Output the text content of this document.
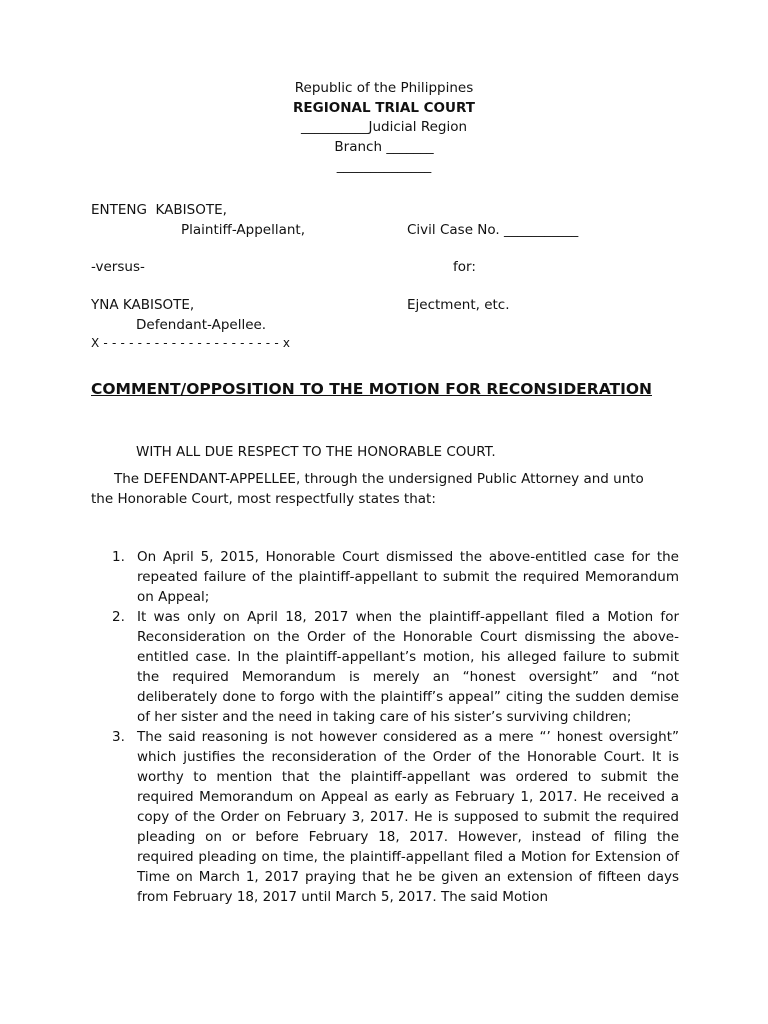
Republic of the Philippines
REGIONAL TRIAL COURT
__________Judicial Region
Branch _______
______________
ENTENG  KABISOTE,
Plaintiff-Appellant,	Civil Case No. ___________
-versus-	for:
YNA KABISOTE,	Ejectment, etc.
Defendant-Apellee.
X - - - - - - - - - - - - - - - - - - - - - x
COMMENT/OPPOSITION TO THE MOTION FOR RECONSIDERATION
WITH ALL DUE RESPECT TO THE HONORABLE COURT.
The DEFENDANT-APPELLEE, through the undersigned Public Attorney and unto
the Honorable Court, most respectfully states that:
1. On April 5, 2015, Honorable Court dismissed the above-entitled case for the repeated failure of the plaintiff-appellant to submit the required Memorandum on Appeal;

2. It was only on April 18, 2017 when the plaintiff-appellant filed a Motion for Reconsideration on the Order of the Honorable Court dismissing the above-entitled case. In the plaintiff-appellant’s motion, his alleged failure to submit the required Memorandum is merely an “honest oversight” and “not deliberately done to forgo with the plaintiff’s appeal” citing the sudden demise of her sister and the need in taking care of his sister’s surviving children;

3. The said reasoning is not however considered as a mere “’ honest oversight” which justifies the reconsideration of the Order of the Honorable Court. It is worthy to mention that the plaintiff-appellant was ordered to submit the required Memorandum on Appeal as early as February 1, 2017. He received a copy of the Order on February 3, 2017. He is supposed to submit the required pleading on or before February 18, 2017. However, instead of filing the required pleading on time, the plaintiff-appellant filed a Motion for Extension of Time on March 1, 2017 praying that he be given an extension of fifteen days from February 18, 2017 until March 5, 2017. The said Motion
